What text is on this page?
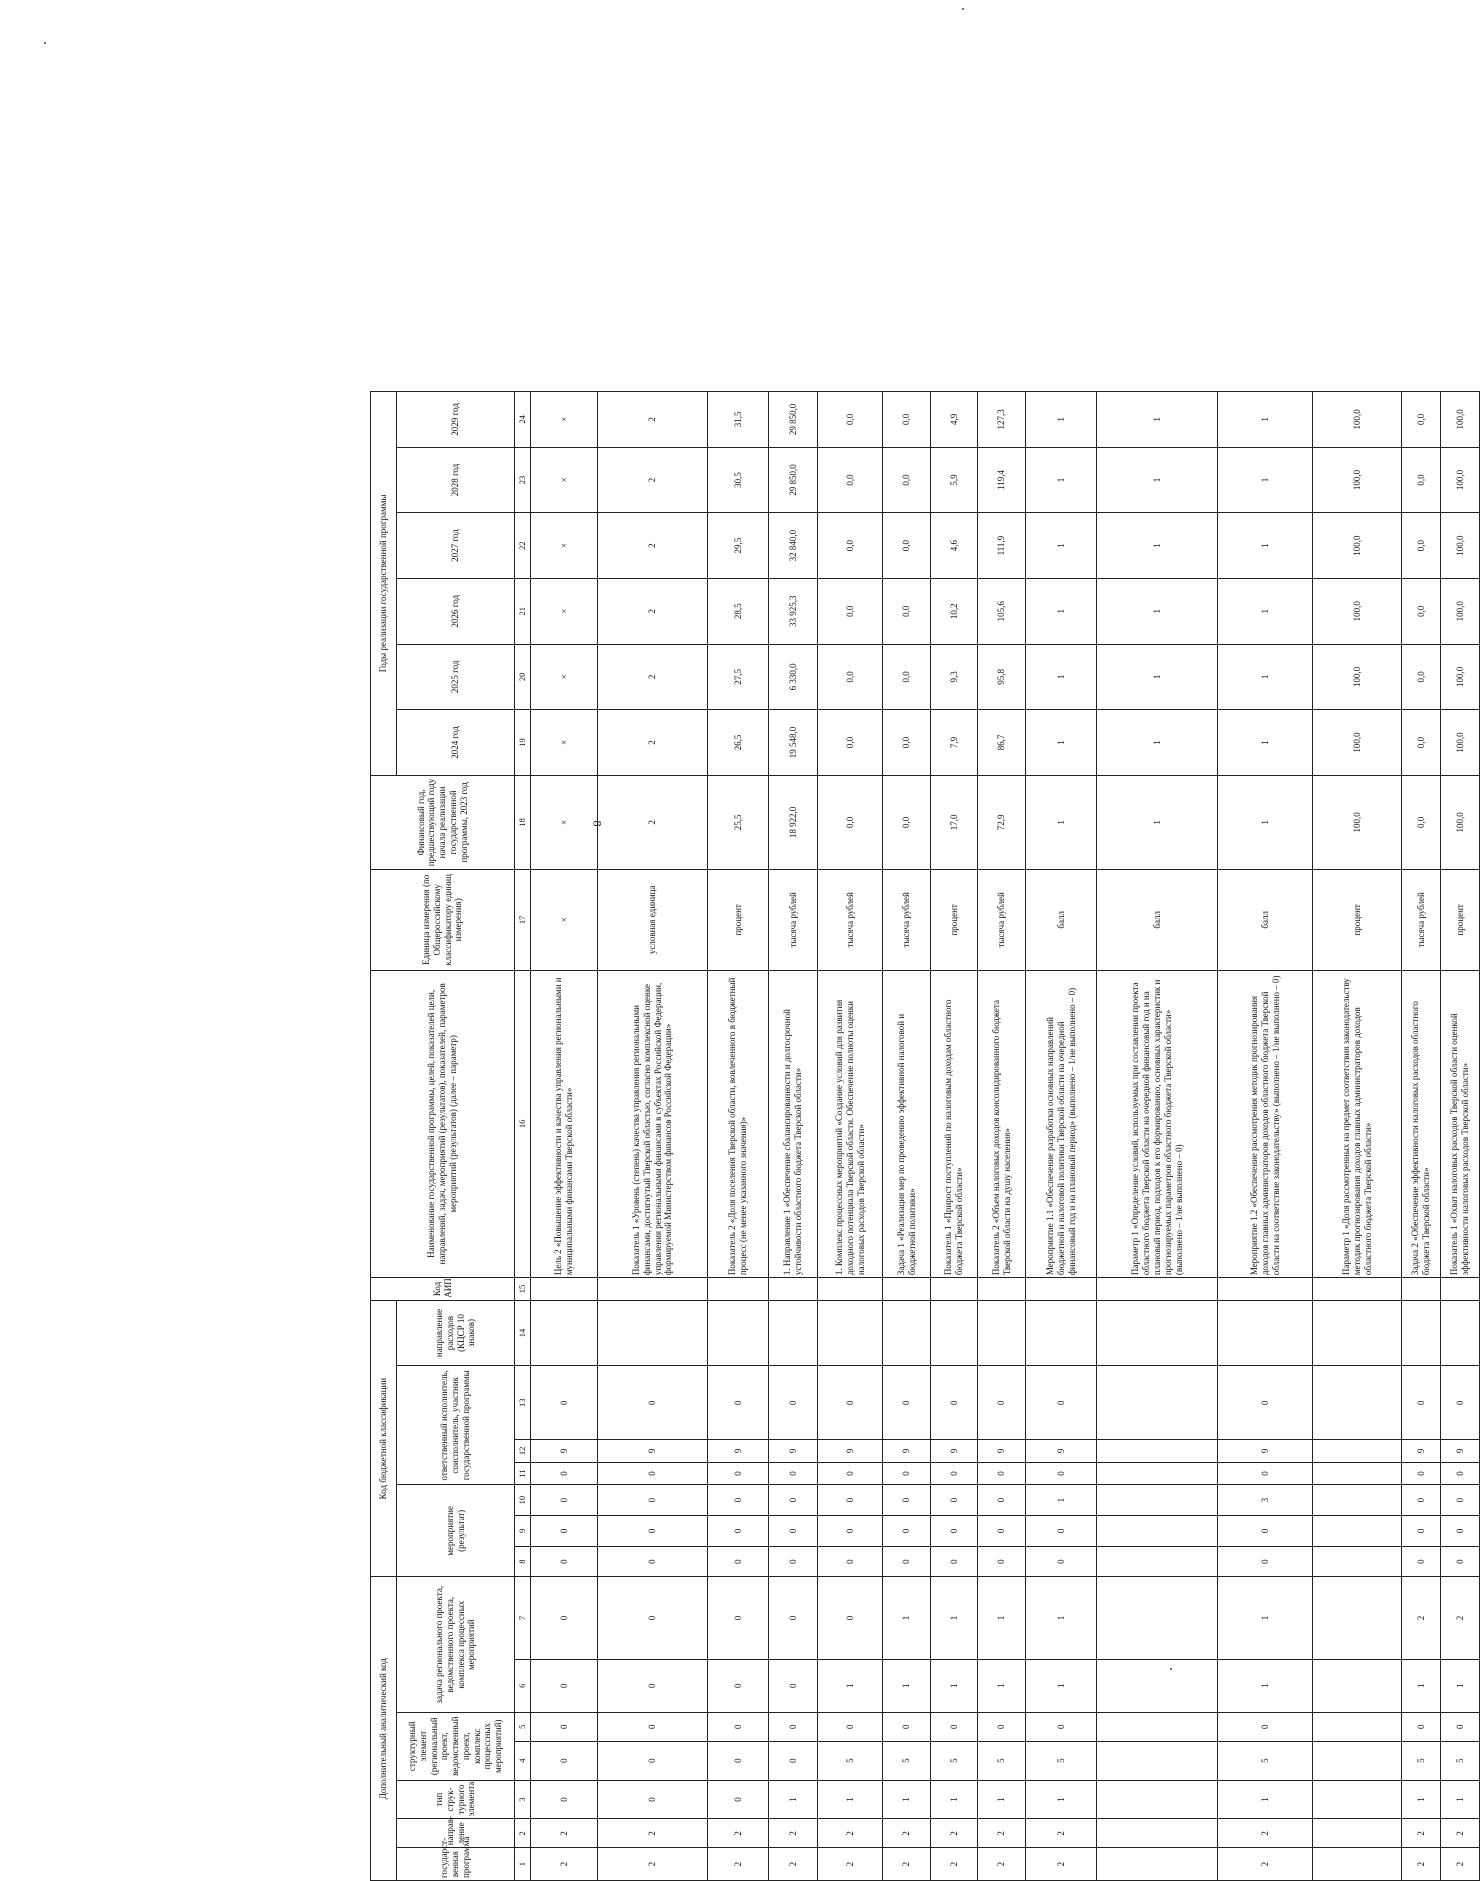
8
Дополнительный аналитический код							Код бюджетной классификации							Код АИП	Наименование государственной программы, целей, показателей цели, направлений, задач, мероприятий (результатов), показателей, параметров мероприятий (результатов) (далее – параметр)	Единица измерения (по Общероссийскому классификатору единиц измерения)	Финансовый год, предшествующий году начала реализации государственной программы, 2023 год	Годы реализации государственной программы					
государст-венная программа	направ-ление	тип струк-турного элемента	структурный элемент (региональный проект, ведомственный проект, комплекс процессных мероприятий)		задача регионального проекта, ведомственного проекта, комплекса процессных мероприятий		мероприятие (результат)			ответственный исполнитель, соисполнитель, участник государственной программы			направление расходов (КЦСР 10 знаков)					2024 год	2025 год	2026 год	2027 год	2028 год	2029 год
1	2	3	4	5	6	7	8	9	10	11	12	13	14	15	16	17	18	19	20	21	22	23	24
2	2	0	0	0	0	0	0	0	0	0	9	0			Цель 2 «Повышение эффективности и качества управления региональными и муниципальными финансами Тверской области»	×	×	×	×	×	×	×	×
2	2	0	0	0	0	0	0	0	0	0	9	0			Показатель 1 «Уровень (степень) качества управления региональными финансами, достигнутый Тверской областью, согласно комплексной оценке управления региональными финансами в субъектах Российской Федерации, формируемой Министерством финансов Российской Федерации»	условная единица	2	2	2	2	2	2	2
2	2	0	0	0	0	0	0	0	0	0	9	0			Показатель 2 «Доля поселения Тверской области, вовлеченного в бюджетный процесс (не менее указанного значения)»	процент	25,5	26,5	27,5	28,5	29,5	30,5	31,5
2	2	1	0	0	0	0	0	0	0	0	9	0			1. Направление 1 «Обеспечение сбалансированности и долгосрочной устойчивости областного бюджета Тверской области»	тысяча рублей	18 922,0	19 548,0	6 330,0	33 925,3	32 840,0	29 850,0	29 850,0
2	2	1	5	0	1	0	0	0	0	0	9	0			1. Комплекс процессных мероприятий «Создание условий для развития доходного потенциала Тверской области. Обеспечение полноты оценки налоговых расходов Тверской области»	тысяча рублей	0,0	0,0	0,0	0,0	0,0	0,0	0,0
2	2	1	5	0	1	1	0	0	0	0	9	0			Задача 1 «Реализация мер по проведению эффективной налоговой и бюджетной политики»	тысяча рублей	0,0	0,0	0,0	0,0	0,0	0,0	0,0
2	2	1	5	0	1	1	0	0	0	0	9	0			Показатель 1 «Прирост поступлений по налоговым доходам областного бюджета Тверской области»	процент	17,0	7,9	9,3	10,2	4,6	5,9	4,9
2	2	1	5	0	1	1	0	0	0	0	9	0			Показатель 2 «Объем налоговых доходов консолидированного бюджета Тверской области на душу населения»	тысяча рублей	72,9	86,7	95,8	105,6	111,9	119,4	127,3
2	2	1	5	0	1	1	0	0	1	0	9	0			Мероприятие 1.1 «Обеспечение разработки основных направлений бюджетной и налоговой политики Тверской области на очередной финансовый год и на плановый период» (выполнено – 1/не выполнено – 0)	балл	1	1	1	1	1	1	1
															Параметр 1 «Определение условий, используемых при составлении проекта областного бюджета Тверской области на очередной финансовый год и на плановый период, подходов к его формированию, основных характеристик и прогнозируемых параметров областного бюджета Тверской области» (выполнено – 1/не выполнено – 0)	балл	1	1	1	1	1	1	1
2	2	1	5	0	1	1	0	0	3	0	9	0			Мероприятие 1.2 «Обеспечение рассмотрения методик прогнозирования доходов главных администраторов доходов областного бюджета Тверской области на соответствие законодательству» (выполнено – 1/не выполнено – 0)	балл	1	1	1	1	1	1	1
															Параметр 1 «Доля рассмотренных на предмет соответствия законодательству методик прогнозирования доходов главных администраторов доходов областного бюджета Тверской области»	процент	100,0	100,0	100,0	100,0	100,0	100,0	100,0
2	2	1	5	0	1	2	0	0	0	0	9	0			Задача 2 «Обеспечение эффективности налоговых расходов областного бюджета Тверской области»	тысяча рублей	0,0	0,0	0,0	0,0	0,0	0,0	0,0
2	2	1	5	0	1	2	0	0	0	0	9	0			Показатель 1 «Охват налоговых расходов Тверской области оценкой эффективности налоговых расходов Тверской области»	процент	100,0	100,0	100,0	100,0	100,0	100,0	100,0
